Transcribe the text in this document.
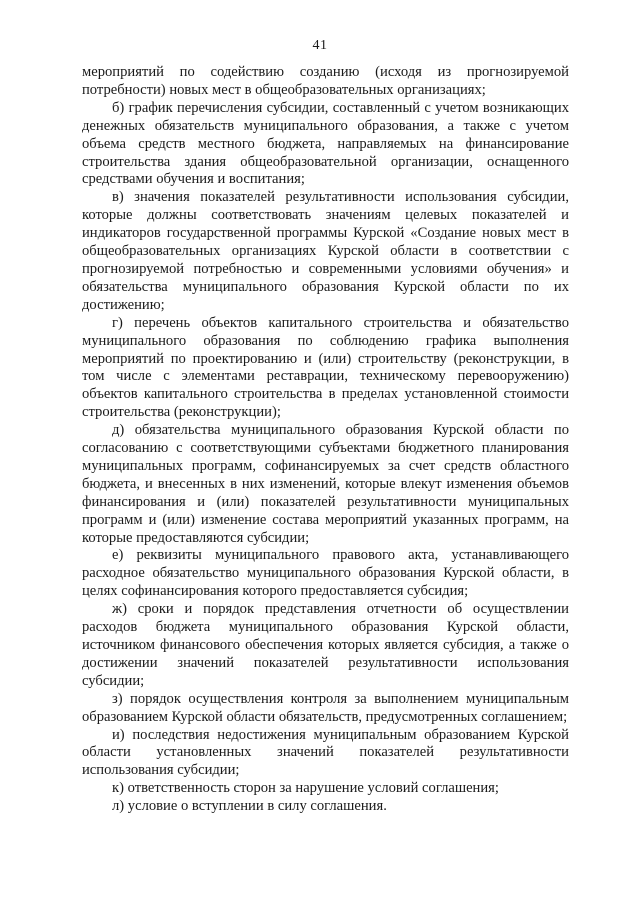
41

мероприятий по содействию созданию (исходя из прогнозируемой потребности) новых мест в общеобразовательных организациях;

б) график перечисления субсидии, составленный с учетом возникающих денежных обязательств муниципального образования, а также с учетом объема средств местного бюджета, направляемых на финансирование строительства здания общеобразовательной организации, оснащенного средствами обучения и воспитания;

в) значения показателей результативности использования субсидии, которые должны соответствовать значениям целевых показателей и индикаторов государственной программы Курской «Создание новых мест в общеобразовательных организациях Курской области в соответствии с прогнозируемой потребностью и современными условиями обучения» и обязательства муниципального образования Курской области по их достижению;

г) перечень объектов капитального строительства и обязательство муниципального образования по соблюдению графика выполнения мероприятий по проектированию и (или) строительству (реконструкции, в том числе с элементами реставрации, техническому перевооружению) объектов капитального строительства в пределах установленной стоимости строительства (реконструкции);

д) обязательства муниципального образования Курской области по согласованию с соответствующими субъектами бюджетного планирования муниципальных программ, софинансируемых за счет средств областного бюджета, и внесенных в них изменений, которые влекут изменения объемов финансирования и (или) показателей результативности муниципальных программ и (или) изменение состава мероприятий указанных программ, на которые предоставляются субсидии;

е) реквизиты муниципального правового акта, устанавливающего расходное обязательство муниципального образования Курской области, в целях софинансирования которого предоставляется субсидия;

ж) сроки и порядок представления отчетности об осуществлении расходов бюджета муниципального образования Курской области, источником финансового обеспечения которых является субсидия, а также о достижении значений показателей результативности использования субсидии;

з) порядок осуществления контроля за выполнением муниципальным образованием Курской области обязательств, предусмотренных соглашением;

и) последствия недостижения муниципальным образованием Курской области установленных значений показателей результативности использования субсидии;

к) ответственность сторон за нарушение условий соглашения;

л) условие о вступлении в силу соглашения.
